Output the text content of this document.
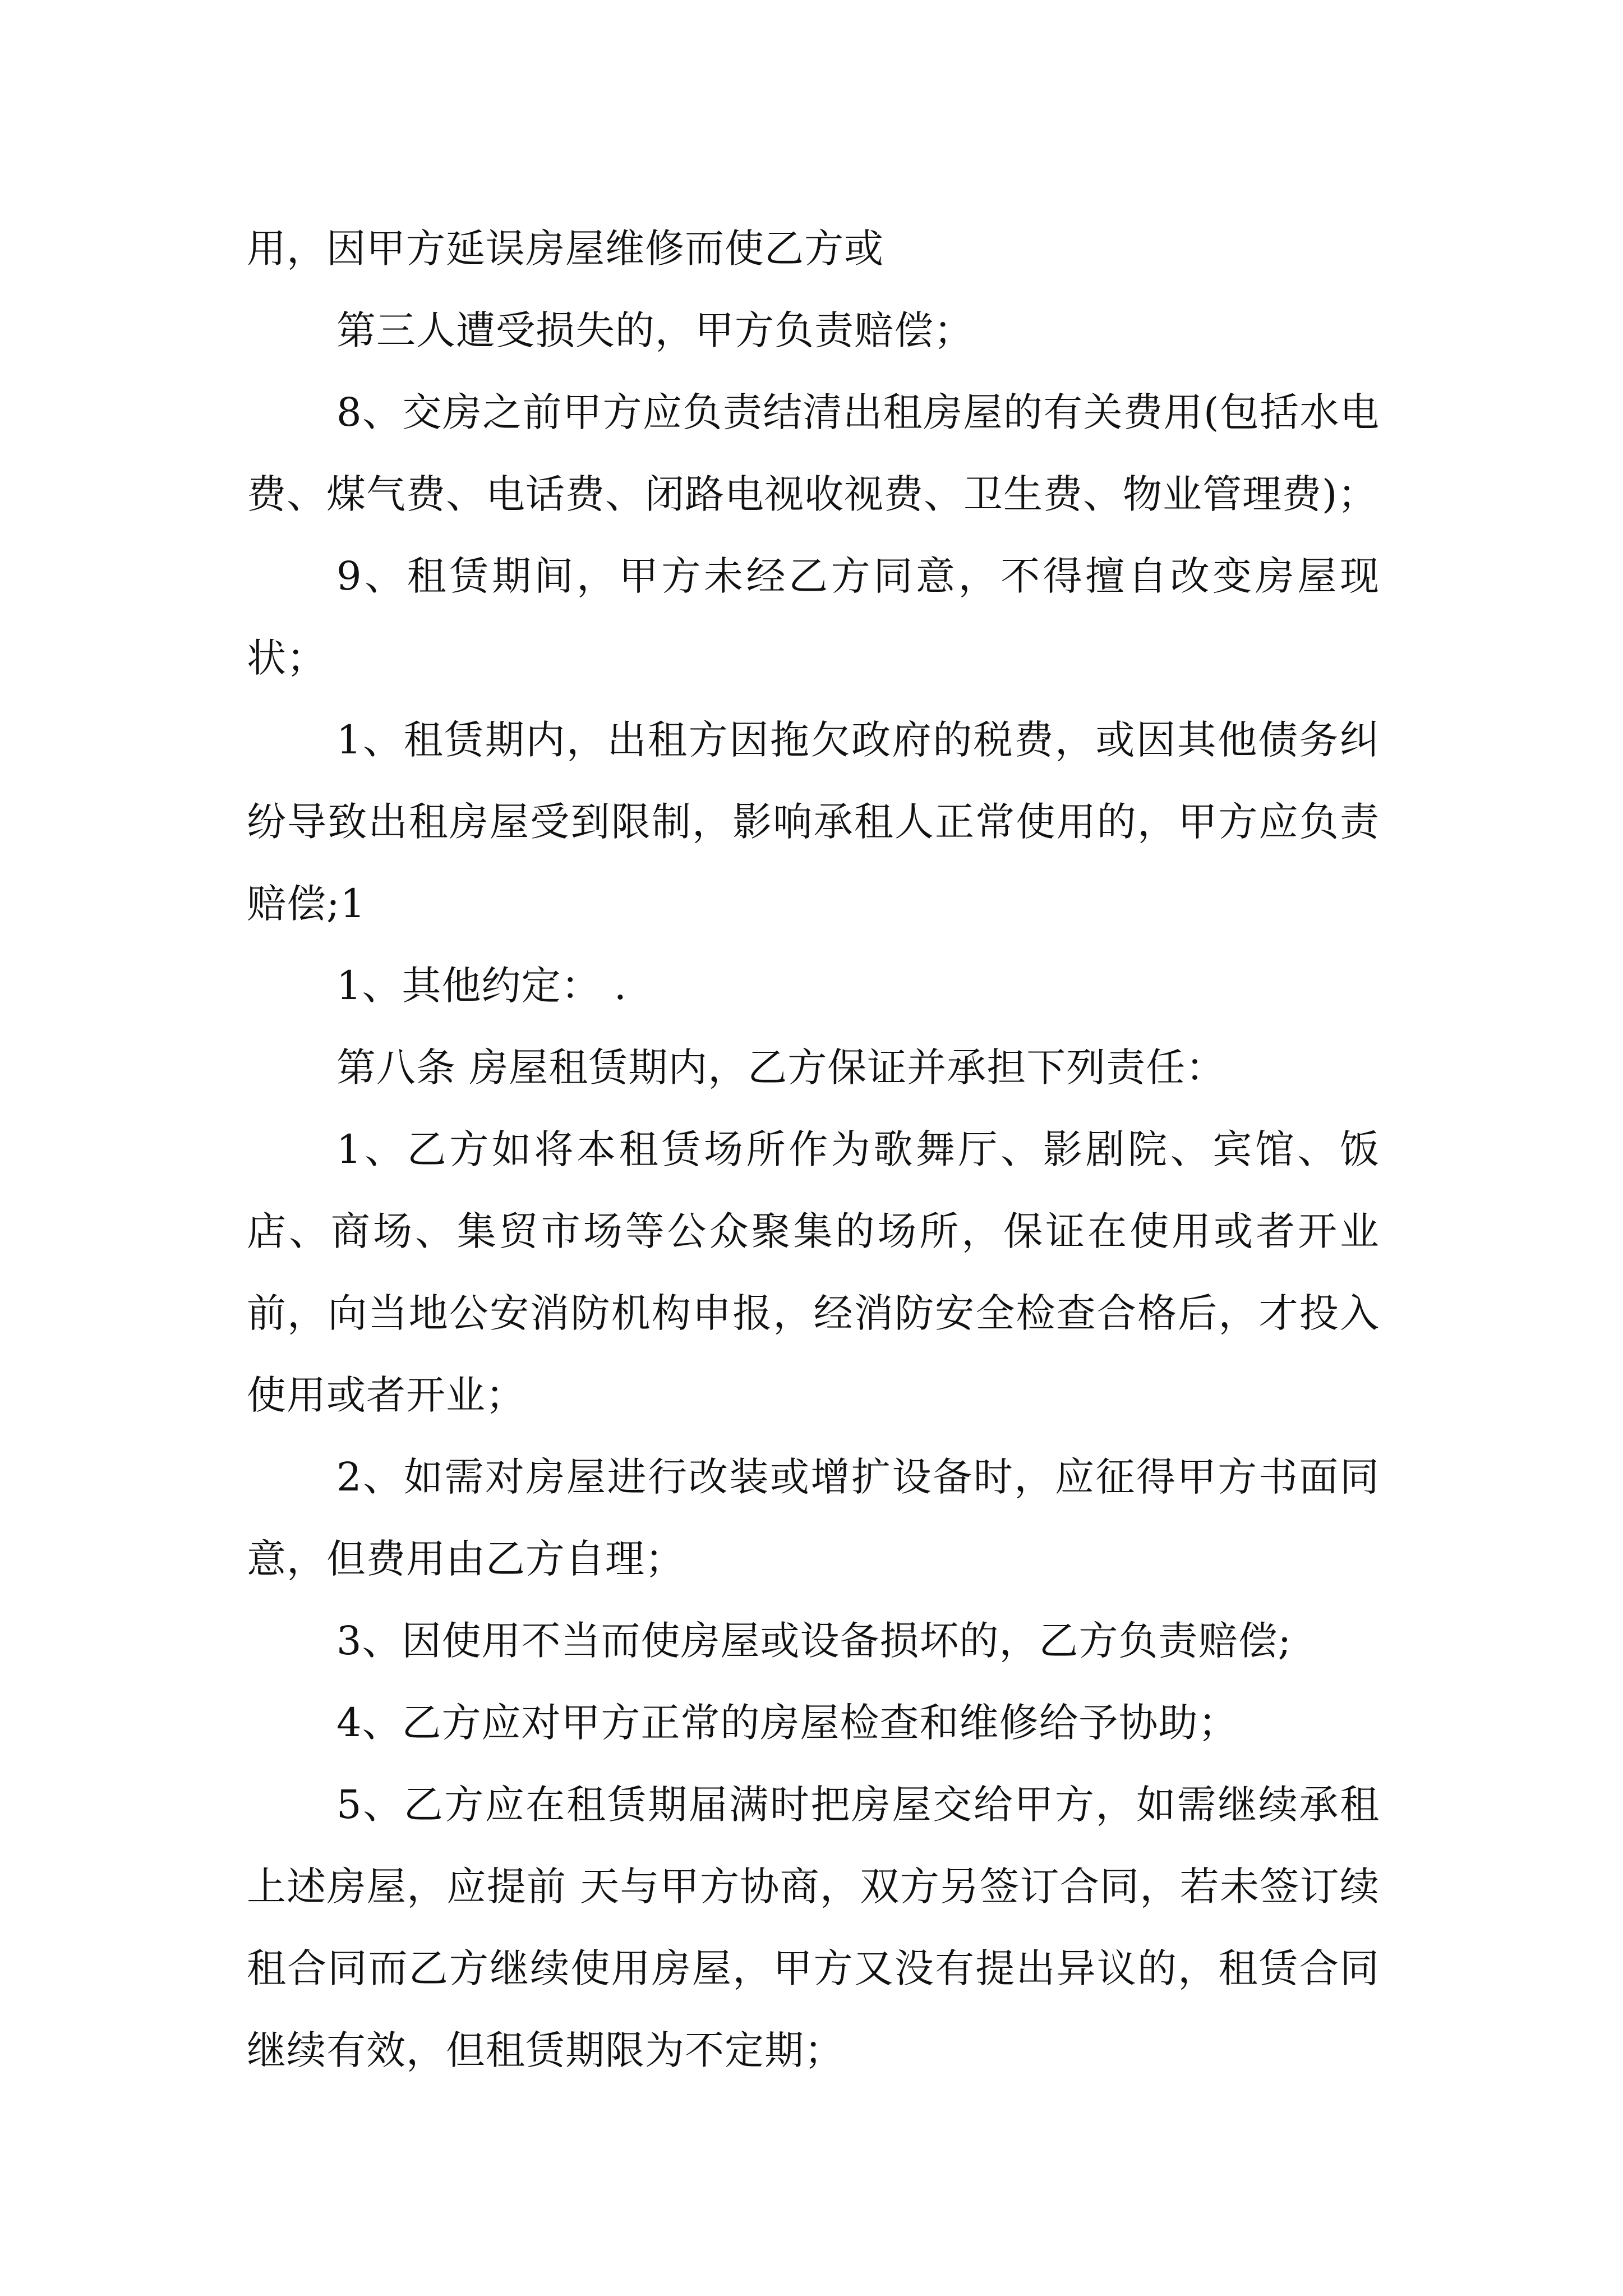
用，因甲方延误房屋维修而使乙方或

第三人遭受损失的，甲方负责赔偿；

8、交房之前甲方应负责结清出租房屋的有关费用(包括水电费、煤气费、电话费、闭路电视收视费、卫生费、物业管理费)；

9、租赁期间，甲方未经乙方同意，不得擅自改变房屋现状；

1、租赁期内，出租方因拖欠政府的税费，或因其他债务纠纷导致出租房屋受到限制，影响承租人正常使用的，甲方应负责赔偿;1

1、其他约定： .

第八条 房屋租赁期内，乙方保证并承担下列责任：

1、乙方如将本租赁场所作为歌舞厅、影剧院、宾馆、饭店、商场、集贸市场等公众聚集的场所，保证在使用或者开业前，向当地公安消防机构申报，经消防安全检查合格后，才投入使用或者开业；

2、如需对房屋进行改装或增扩设备时，应征得甲方书面同意，但费用由乙方自理；

3、因使用不当而使房屋或设备损坏的，乙方负责赔偿;

4、乙方应对甲方正常的房屋检查和维修给予协助；

5、乙方应在租赁期届满时把房屋交给甲方，如需继续承租上述房屋，应提前 天与甲方协商，双方另签订合同，若未签订续租合同而乙方继续使用房屋，甲方又没有提出异议的，租赁合同继续有效，但租赁期限为不定期；
